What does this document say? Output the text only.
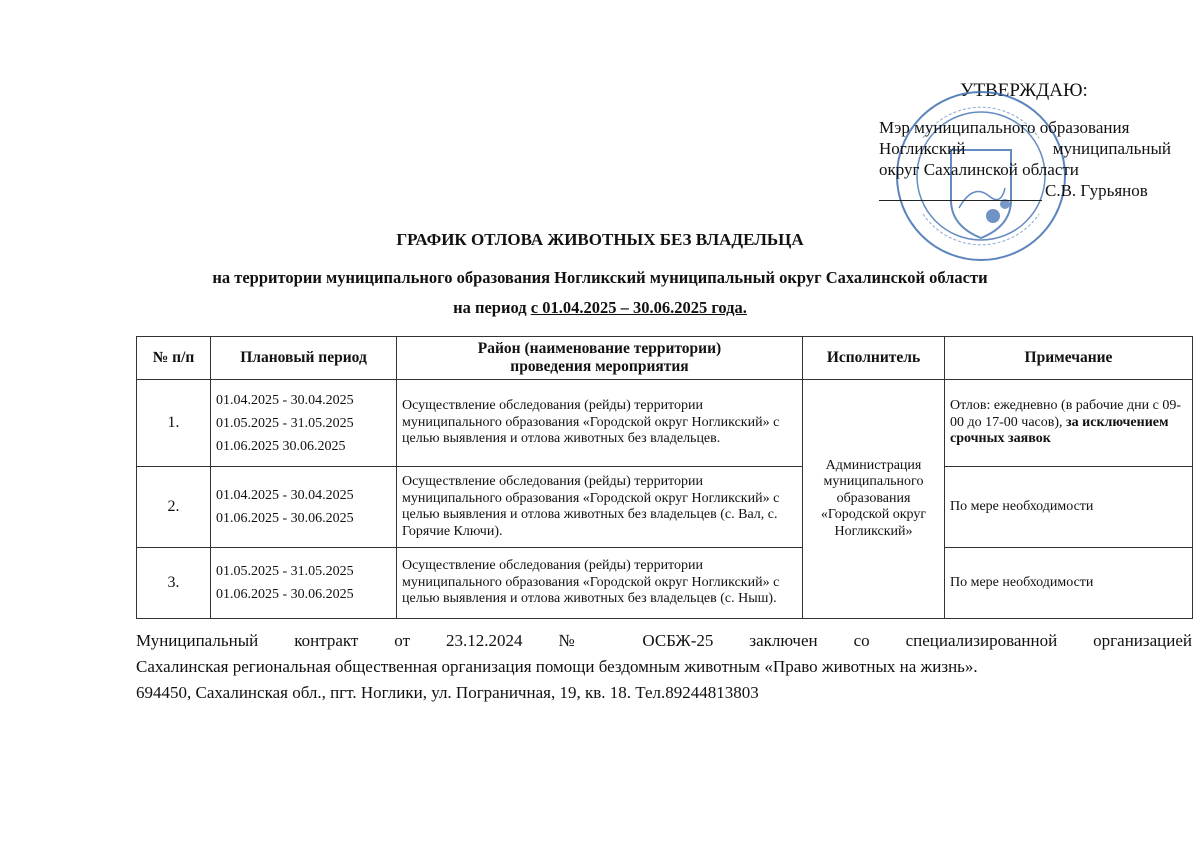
УТВЕРЖДАЮ:
Мэр муниципального образования
Ногликский	муниципальный
округ Сахалинской области
С.В. Гурьянов
ГРАФИК ОТЛОВА ЖИВОТНЫХ БЕЗ ВЛАДЕЛЬЦА
на территории муниципального образования Ногликский муниципальный округ Сахалинской области
на период с 01.04.2025 – 30.06.2025 года.
№ п/п	Плановый период	Район (наименование территории)
проведения мероприятия	Исполнитель	Примечание
1.	01.04.2025 - 30.04.2025
01.05.2025 - 31.05.2025
01.06.2025 30.06.2025	Осуществление обследования (рейды) территории муниципального образования «Городской округ Ногликский» с целью выявления и отлова животных без владельцев.	Администрация муниципального образования «Городской округ Ногликский»	Отлов: ежедневно (в рабочие дни с 09-00 до 17-00 часов), за исключением срочных заявок
2.	01.04.2025 - 30.04.2025
01.06.2025 - 30.06.2025	Осуществление обследования (рейды) территории муниципального образования «Городской округ Ногликский» с целью выявления и отлова животных без владельцев (с. Вал, с. Горячие Ключи).		По мере необходимости
3.	01.05.2025 - 31.05.2025
01.06.2025 - 30.06.2025	Осуществление обследования (рейды) территории муниципального образования «Городской округ Ногликский» с целью выявления и отлова животных без владельцев (с. Ныш).		По мере необходимости
Муниципальный контракт от 23.12.2024 № ОСБЖ-25 заключен со специализированной организацией
Сахалинская региональная общественная организация помощи бездомным животным «Право животных на жизнь».
694450, Сахалинская обл., пгт. Ноглики, ул. Пограничная, 19, кв. 18. Тел.89244813803
